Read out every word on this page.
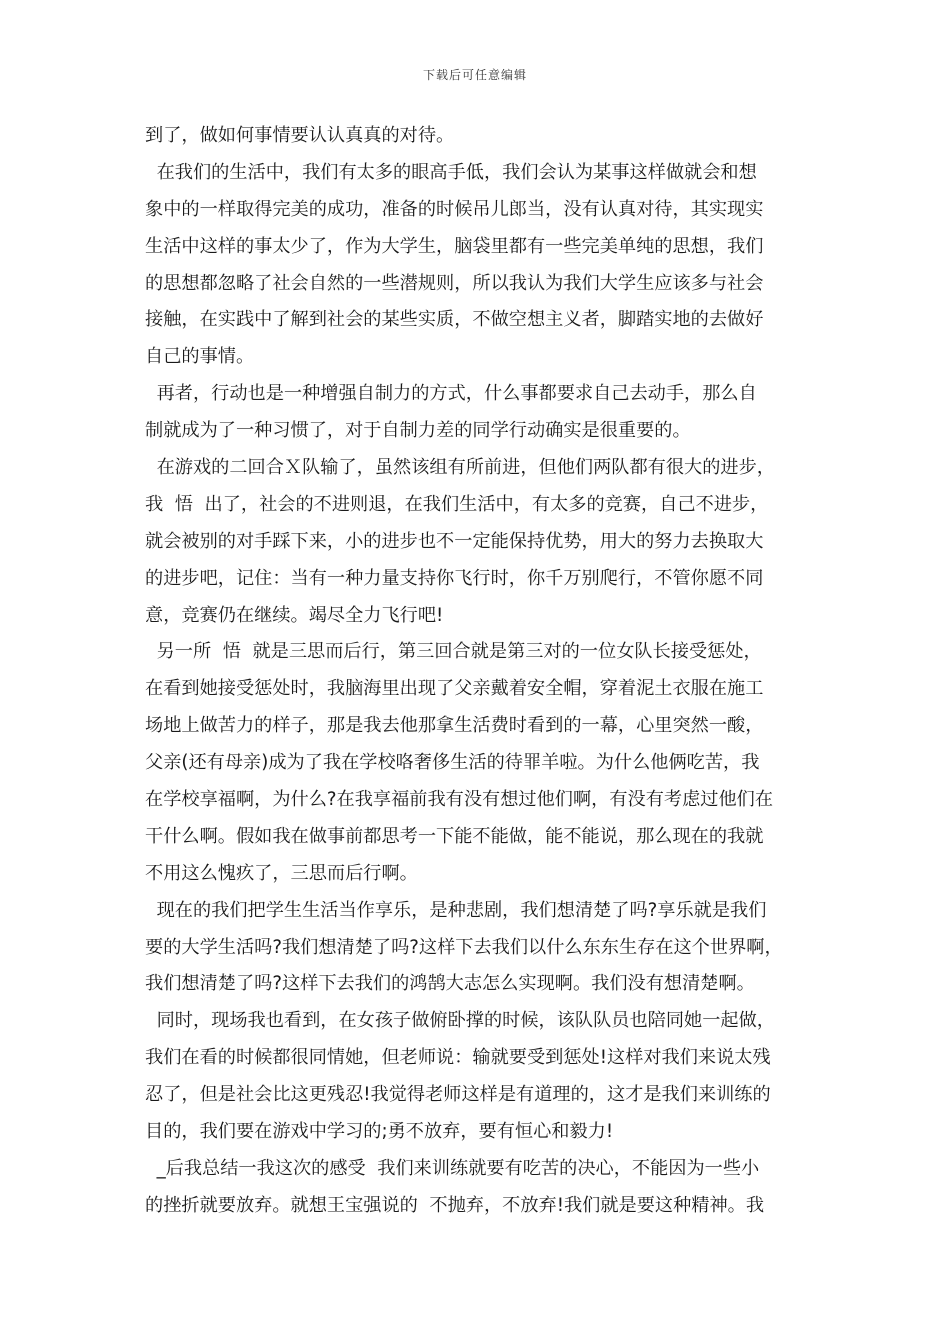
下载后可任意编辑
到了，做如何事情要认认真真的对待。
在我们的生活中，我们有太多的眼高手低，我们会认为某事这样做就会和想
象中的一样取得完美的成功，准备的时候吊儿郎当，没有认真对待，其实现实
生活中这样的事太少了，作为大学生，脑袋里都有一些完美单纯的思想，我们
的思想都忽略了社会自然的一些潜规则，所以我认为我们大学生应该多与社会
接触，在实践中了解到社会的某些实质，不做空想主义者，脚踏实地的去做好
自己的事情。
再者，行动也是一种增强自制力的方式，什么事都要求自己去动手，那么自
制就成为了一种习惯了，对于自制力差的同学行动确实是很重要的。
在游戏的二回合Ｘ队输了，虽然该组有所前进，但他们两队都有很大的进步，
我  悟  出了，社会的不进则退，在我们生活中，有太多的竞赛，自己不进步，
就会被别的对手踩下来，小的进步也不一定能保持优势，用大的努力去换取大
的进步吧，记住：当有一种力量支持你飞行时，你千万别爬行，不管你愿不同
意，竞赛仍在继续。竭尽全力飞行吧!
另一所  悟  就是三思而后行，第三回合就是第三对的一位女队长接受惩处，
在看到她接受惩处时，我脑海里出现了父亲戴着安全帽，穿着泥土衣服在施工
场地上做苦力的样子，那是我去他那拿生活费时看到的一幕，心里突然一酸，
父亲(还有母亲)成为了我在学校咯奢侈生活的待罪羊啦。为什么他俩吃苦，我
在学校享福啊，为什么?在我享福前我有没有想过他们啊，有没有考虑过他们在
干什么啊。假如我在做事前都思考一下能不能做，能不能说，那么现在的我就
不用这么愧疚了，三思而后行啊。
现在的我们把学生生活当作享乐，是种悲剧，我们想清楚了吗?享乐就是我们
要的大学生活吗?我们想清楚了吗?这样下去我们以什么东东生存在这个世界啊，
我们想清楚了吗?这样下去我们的鸿鹄大志怎么实现啊。我们没有想清楚啊。
同时，现场我也看到，在女孩子做俯卧撑的时候，该队队员也陪同她一起做，
我们在看的时候都很同情她，但老师说：输就要受到惩处!这样对我们来说太残
忍了，但是社会比这更残忍!我觉得老师这样是有道理的，这才是我们来训练的
目的，我们要在游戏中学习的;勇不放弃，要有恒心和毅力!
_后我总结一我这次的感受  我们来训练就要有吃苦的决心，不能因为一些小
的挫折就要放弃。就想王宝强说的  不抛弃，不放弃!我们就是要这种精神。我
